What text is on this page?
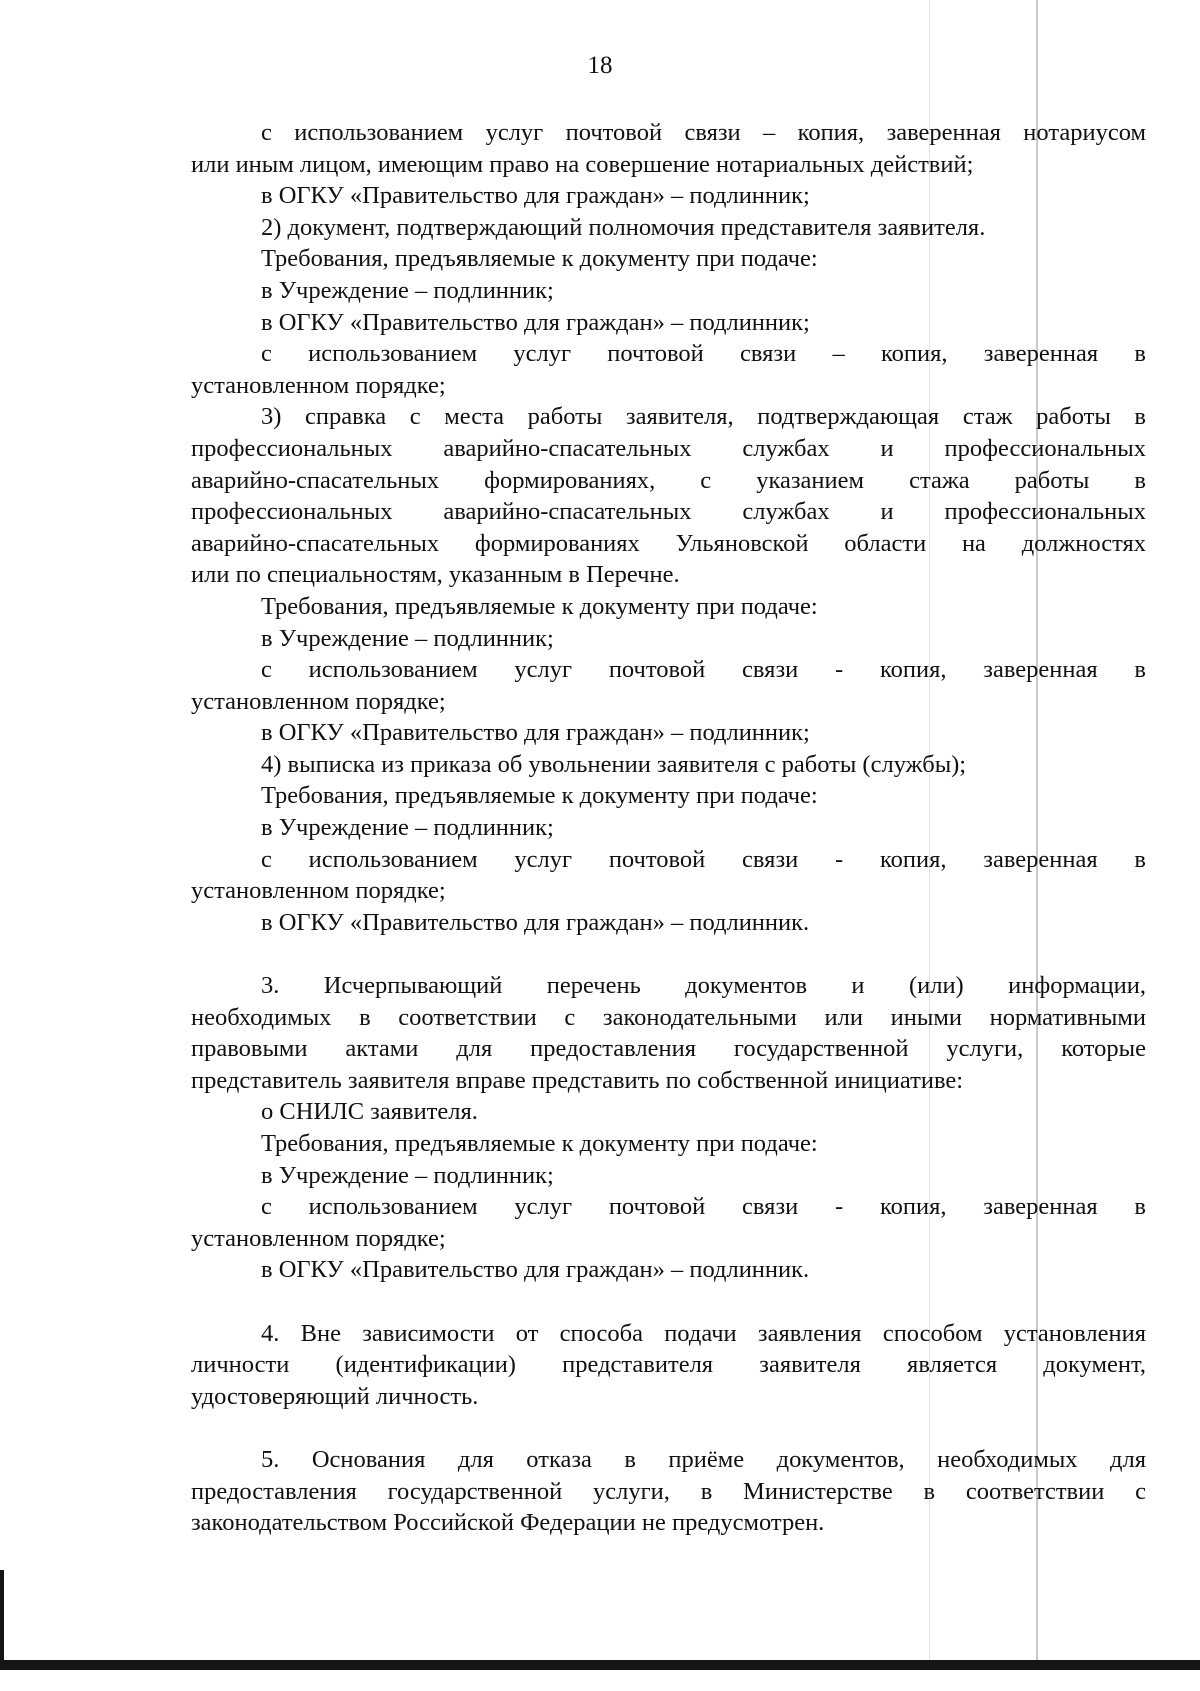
18

с использованием услуг почтовой связи – копия, заверенная нотариусом

или иным лицом, имеющим право на совершение нотариальных действий;

в ОГКУ «Правительство для граждан» – подлинник;

2) документ, подтверждающий полномочия представителя заявителя.

Требования, предъявляемые к документу при подаче:

в Учреждение – подлинник;

в ОГКУ «Правительство для граждан» – подлинник;

с использованием услуг почтовой связи – копия, заверенная в

установленном порядке;

3) справка с места работы заявителя, подтверждающая стаж работы в

профессиональных аварийно-спасательных службах и профессиональных

аварийно-спасательных формированиях, с указанием стажа работы в

профессиональных аварийно-спасательных службах и профессиональных

аварийно-спасательных формированиях Ульяновской области на должностях

или по специальностям, указанным в Перечне.

Требования, предъявляемые к документу при подаче:

в Учреждение – подлинник;

с использованием услуг почтовой связи - копия, заверенная в

установленном порядке;

в ОГКУ «Правительство для граждан» – подлинник;

4) выписка из приказа об увольнении заявителя с работы (службы);

Требования, предъявляемые к документу при подаче:

в Учреждение – подлинник;

с использованием услуг почтовой связи - копия, заверенная в

установленном порядке;

в ОГКУ «Правительство для граждан» – подлинник.

3. Исчерпывающий перечень документов и (или) информации,

необходимых в соответствии с законодательными или иными нормативными

правовыми актами для предоставления государственной услуги, которые

представитель заявителя вправе представить по собственной инициативе:

о СНИЛС заявителя.

Требования, предъявляемые к документу при подаче:

в Учреждение – подлинник;

с использованием услуг почтовой связи - копия, заверенная в

установленном порядке;

в ОГКУ «Правительство для граждан» – подлинник.

4. Вне зависимости от способа подачи заявления способом установления

личности (идентификации) представителя заявителя является документ,

удостоверяющий личность.

5. Основания для отказа в приёме документов, необходимых для

предоставления государственной услуги, в Министерстве в соответствии с

законодательством Российской Федерации не предусмотрен.
